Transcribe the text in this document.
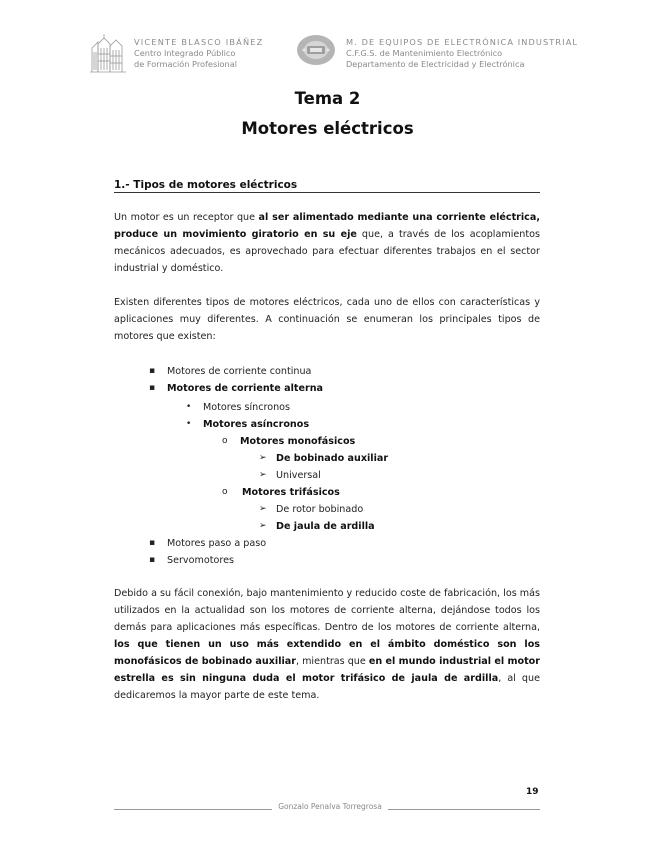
VICENTE BLASCO IBÁÑEZ
Centro Integrado Público
de Formación Profesional
M. DE EQUIPOS DE ELECTRÓNICA INDUSTRIAL
C.F.G.S. de Mantenimiento Electrónico
Departamento de Electricidad y Electrónica
Tema 2
Motores eléctricos
1.- Tipos de motores eléctricos
Un motor es un receptor que al ser alimentado mediante una corriente eléctrica, produce un movimiento giratorio en su eje que, a través de los acoplamientos mecánicos adecuados, es aprovechado para efectuar diferentes trabajos en el sector industrial y doméstico.
Existen diferentes tipos de motores eléctricos, cada uno de ellos con características y aplicaciones muy diferentes. A continuación se enumeran los principales tipos de motores que existen:
▪ Motores de corriente continua
▪ Motores de corriente alterna
• Motores síncronos
• Motores asíncronos
o Motores monofásicos
➢ De bobinado auxiliar
➢ Universal
o Motores trifásicos
➢ De rotor bobinado
➢ De jaula de ardilla
▪ Motores paso a paso
▪ Servomotores
Debido a su fácil conexión, bajo mantenimiento y reducido coste de fabricación, los más utilizados en la actualidad son los motores de corriente alterna, dejándose todos los demás para aplicaciones más específicas. Dentro de los motores de corriente alterna, los que tienen un uso más extendido en el ámbito doméstico son los monofásicos de bobinado auxiliar, mientras que en el mundo industrial el motor estrella es sin ninguna duda el motor trifásico de jaula de ardilla, al que dedicaremos la mayor parte de este tema.
19
Gonzalo Penalva Torregrosa
